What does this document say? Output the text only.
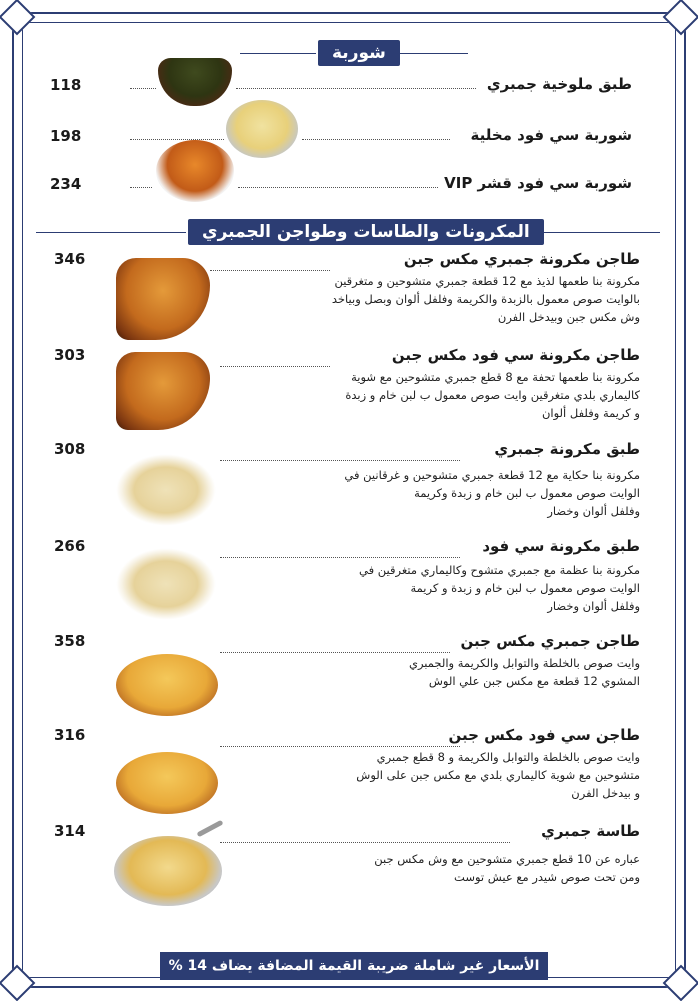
شوربة
118	طبق ملوخية جمبري
198	شوربة سي فود مخلية
234	شوربة سي فود قشر VIP
المكرونات والطاسات وطواجن الجمبري
346	طاجن مكرونة جمبري مكس جبن
مكرونة بنا طعمها لذيذ مع 12 قطعة جمبري متشوحين و متغرقين
بالوايت صوص معمول بالزبدة والكريمة وفلفل ألوان وبصل وبياخد
وش مكس جبن وبيدخل الفرن
303	طاجن مكرونة سي فود مكس جبن
مكرونة بنا طعمها تحفة مع 8 قطع جمبري متشوحين مع شوية
كاليماري بلدي متغرقين وايت صوص معمول ب لبن خام و زبدة
و كريمة وفلفل ألوان
308	طبق مكرونة جمبري
مكرونة بنا حكاية مع 12 قطعة جمبري متشوحين و غرقانين في
الوايت صوص معمول ب لبن خام و زبدة وكريمة
وفلفل ألوان وخضار
266	طبق مكرونة سي فود
مكرونة بنا عظمة مع جمبري متشوح وكاليماري متغرقين في
الوايت صوص معمول ب لبن خام و زبدة و كريمة
وفلفل ألوان وخضار
358	طاجن جمبري مكس جبن
وايت صوص بالخلطة والتوابل والكريمة والجمبري
المشوي 12 قطعة مع مكس جبن علي الوش
316	طاجن سي فود مكس جبن
وايت صوص بالخلطة والتوابل والكريمة و 8 قطع جمبري
متشوحين مع شوية كاليماري بلدي مع مكس جبن على الوش
و بيدخل الفرن
314	طاسة جمبري
عباره عن 10 قطع جمبري متشوحين مع وش مكس جبن
ومن تحت صوص شيدر مع عيش توست
الأسعار غير شاملة ضريبة القيمة المضافة يضاف 14 %
